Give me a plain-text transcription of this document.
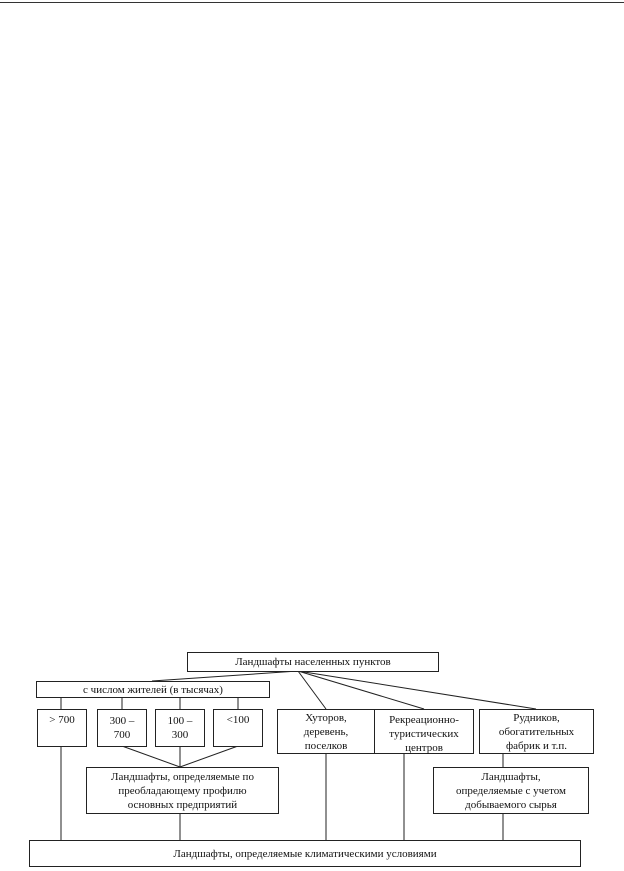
Ландшафты населенных пунктов
с числом жителей (в тысячах)
> 700	300 –
700
100 –
300
<100	Хуторов,
деревень,
поселков
Рекреационно-
туристических
центров
Рудников,
обогатительных
фабрик и т.п.
Ландшафты, определяемые по
преобладающему профилю
основных предприятий
Ландшафты,
определяемые с учетом
добываемого сырья
Ландшафты, определяемые климатическими условиями
